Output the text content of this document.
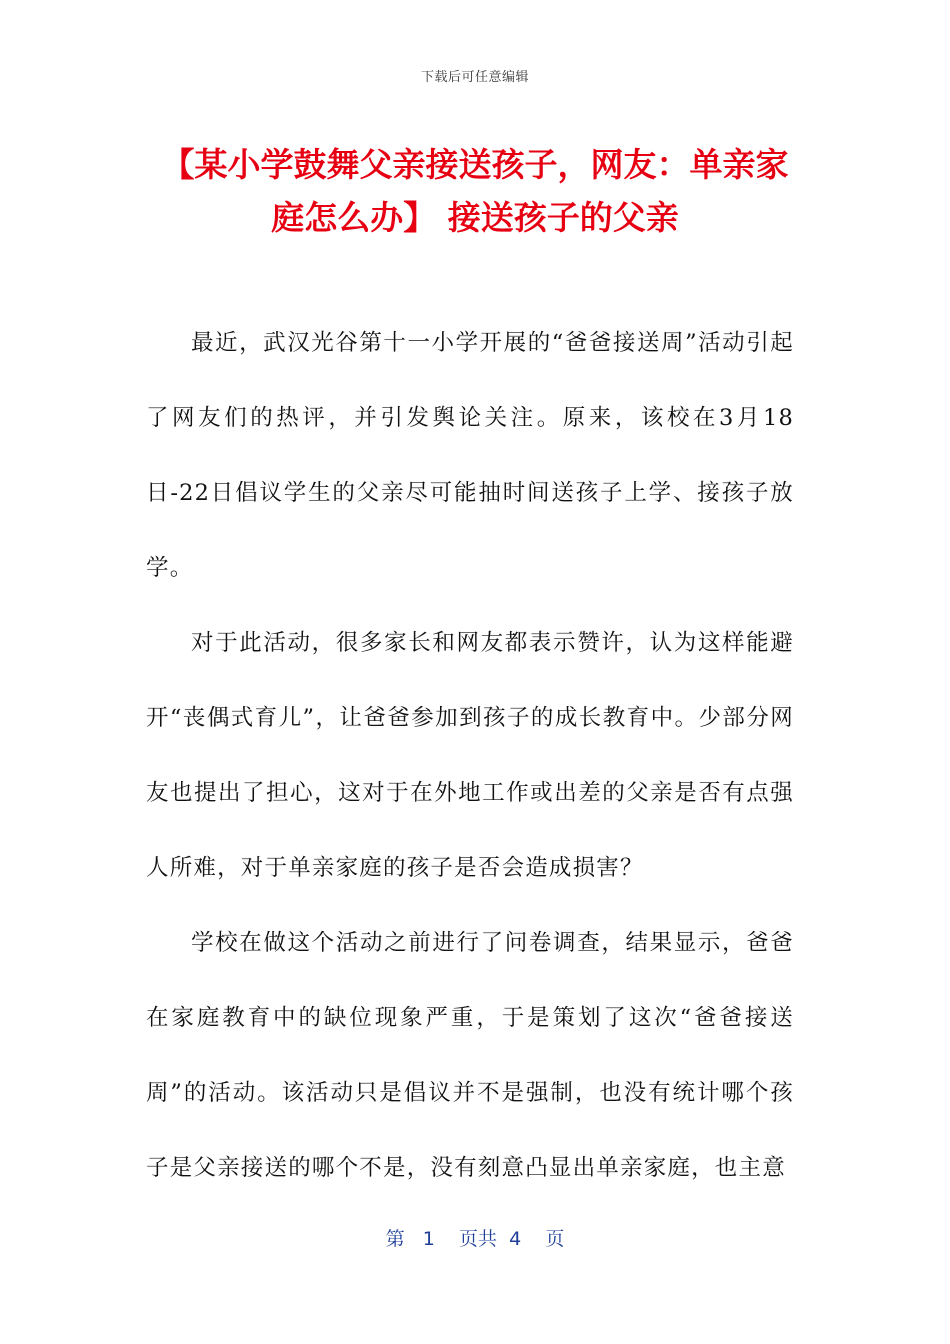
下载后可任意编辑
【某小学鼓舞父亲接送孩子，网友：单亲家
庭怎么办】 接送孩子的父亲

最近，武汉光谷第十一小学开展的“爸爸接送周”活动引起了网友们的热评，并引发舆论关注。原来，该校在3月18日-22日倡议学生的父亲尽可能抽时间送孩子上学、接孩子放学。

对于此活动，很多家长和网友都表示赞许，认为这样能避开“丧偶式育儿”，让爸爸参加到孩子的成长教育中。少部分网友也提出了担心，这对于在外地工作或出差的父亲是否有点强人所难，对于单亲家庭的孩子是否会造成损害？

学校在做这个活动之前进行了问卷调查，结果显示，爸爸在家庭教育中的缺位现象严重，于是策划了这次“爸爸接送周”的活动。该活动只是倡议并不是强制，也没有统计哪个孩子是父亲接送的哪个不是，没有刻意凸显出单亲家庭，也主意

第 1 页共 4 页
